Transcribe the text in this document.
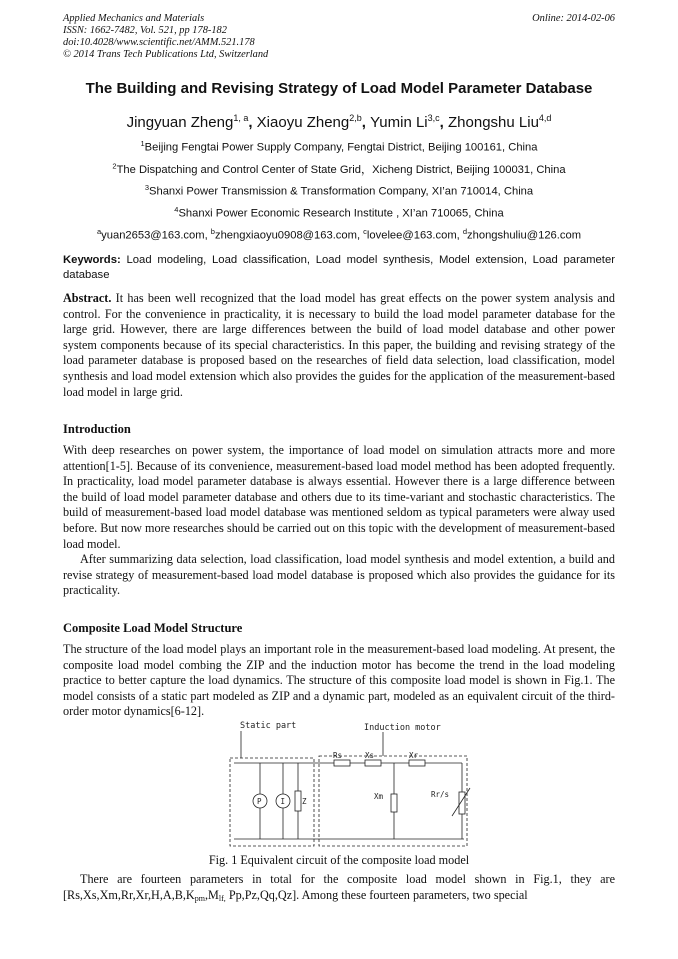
Applied Mechanics and Materials
ISSN: 1662-7482, Vol. 521, pp 178-182
doi:10.4028/www.scientific.net/AMM.521.178
© 2014 Trans Tech Publications Ltd, Switzerland
Online: 2014-02-06
The Building and Revising Strategy of Load Model Parameter Database
Jingyuan Zheng$^{1, a}$, Xiaoyu Zheng$^{2,b}$, Yumin Li$^{3,c}$, Zhongshu Liu$^{4,d}$
$^1$Beijing Fengtai Power Supply Company, Fengtai District, Beijing 100161, China
$^2$The Dispatching and Control Center of State Grid，Xicheng District, Beijing 100031, China
$^3$Shanxi Power Transmission & Transformation Company, XI’an 710014, China
$^4$Shanxi Power Economic Research Institute , XI’an 710065, China
$^a$yuan2653@163.com, $^b$zhengxiaoyu0908@163.com, $^c$lovelee@163.com, $^d$zhongshuliu@126.com
Keywords: Load modeling, Load classification, Load model synthesis, Model extension, Load parameter database

Abstract. It has been well recognized that the load model has great effects on the power system analysis and control. For the convenience in practicality, it is necessary to build the load model parameter database for the large grid. However, there are large differences between the build of load model database and other power system components because of its special characteristics. In this paper, the building and revising strategy of the load parameter database is proposed based on the researches of field data selection, load classification, model synthesis and load model extension which also provides the guides for the application of the measurement-based load model in large grid.

Introduction

With deep researches on power system, the importance of load model on simulation attracts more and more attention[1-5]. Because of its convenience, measurement-based load model method has been adopted frequently. In practicality, load model parameter database is always essential. However there is a large difference between the build of load model parameter database and others due to its time-variant and stochastic characteristics. The build of measurement-based load model database was mentioned seldom as typical parameters were alway used before. But now more researches should be carried out on this topic with the development of measurement-based load model.

After summarizing data selection, load classification, load model synthesis and model extention, a build and revise strategy of measurement-based load model database is proposed which also provides the guidance for its practicality.

Composite Load Model Structure

The structure of the load model plays an important role in the measurement-based load modeling. At present, the composite load model combing the ZIP and the induction motor has become the trend in the load modeling practice to better capture the load dynamics. The structure of this composite load model is shown in Fig.1. The model consists of a static part modeled as ZIP and a dynamic part, modeled as an equivalent circuit of the third-order motor dynamics[6-12].

Static part	Induction motor
P	I Z
Rs	Xs	Xr
Xm	Rr/s
Fig. 1 Equivalent circuit of the composite load model

There are fourteen parameters in total for the composite load model shown in Fig.1, they are [$Rs,Xs,Xm,Rr,Xr,H,A,B,K_{pm},M_{lf,}$ Pp,Pz,Qq,Qz]. Among these fourteen parameters, two special
